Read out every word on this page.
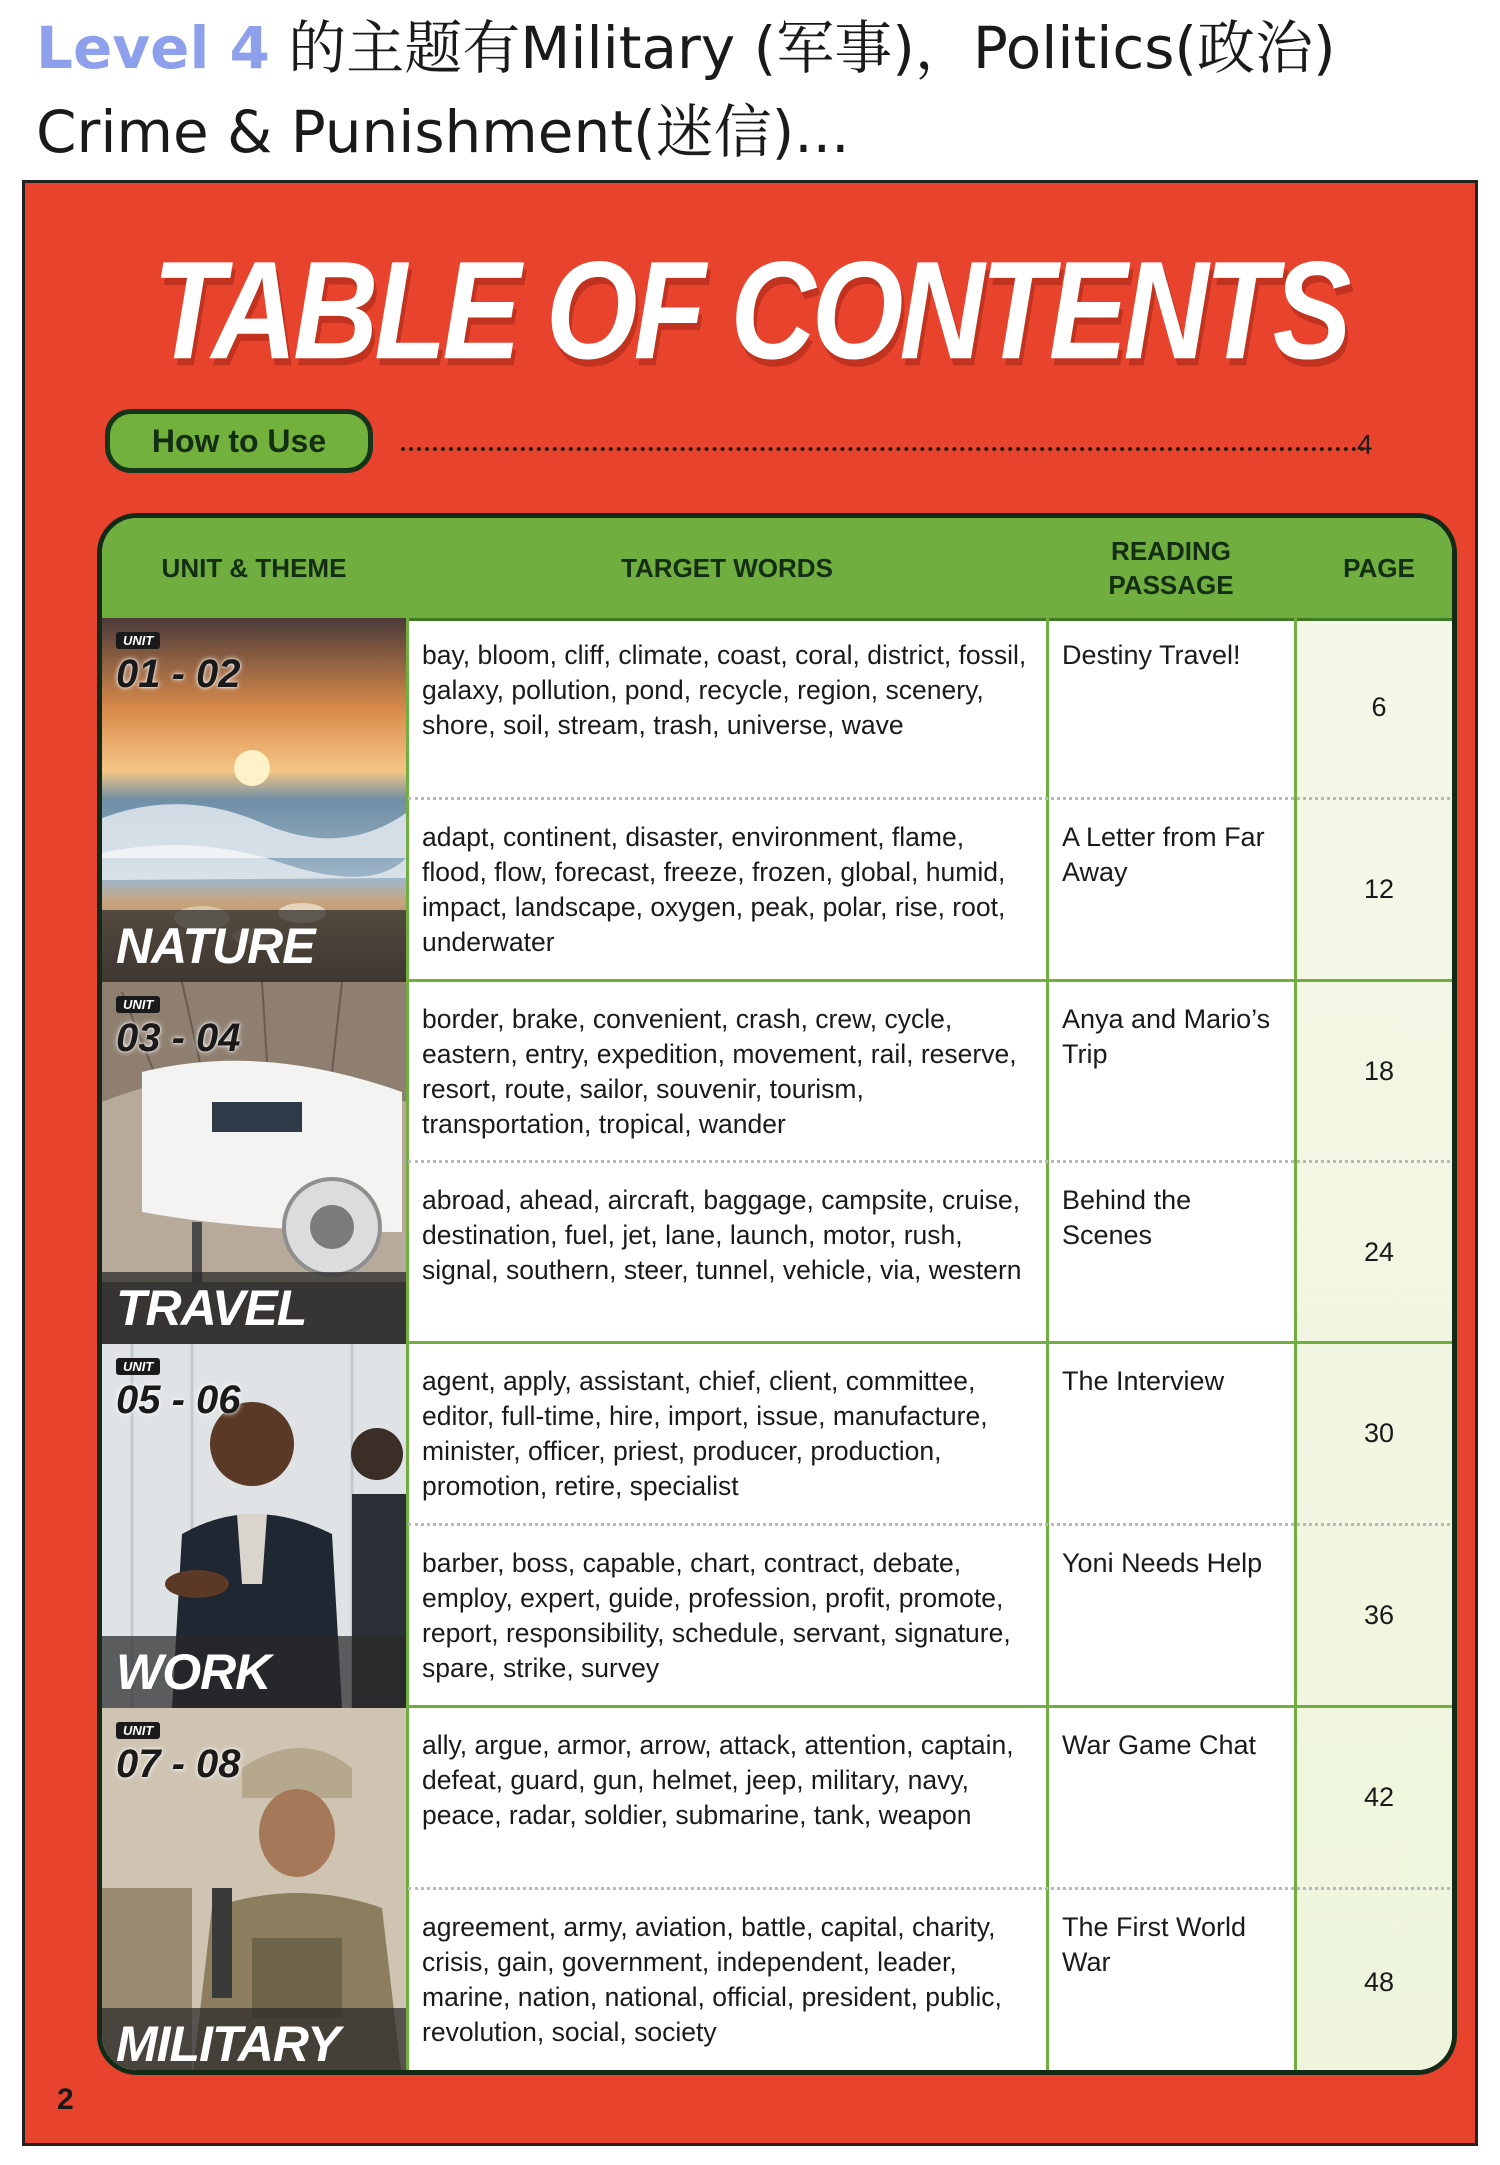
Level 4 的主题有Military (军事)，Politics(政治) Crime & Punishment(迷信)...
TABLE OF CONTENTS
How to Use	4
UNIT & THEME	TARGET WORDS
READING
PASSAGE
PAGE
UNIT
01 - 02
NATURE
bay, bloom, cliff, climate, coast, coral, district, fossil, galaxy, pollution, pond, recycle, region, scenery, shore, soil, stream, trash, universe, wave
Destiny Travel!
6
adapt, continent, disaster, environment, flame, flood, flow, forecast, freeze, frozen, global, humid, impact, landscape, oxygen, peak, polar, rise, root, underwater
A Letter from Far Away
12
UNIT
03 - 04
TRAVEL
border, brake, convenient, crash, crew, cycle, eastern, entry, expedition, movement, rail, reserve, resort, route, sailor, souvenir, tourism, transportation, tropical, wander
Anya and Mario’s Trip
18
abroad, ahead, aircraft, baggage, campsite, cruise, destination, fuel, jet, lane, launch, motor, rush, signal, southern, steer, tunnel, vehicle, via, western
Behind the Scenes
24
UNIT
05 - 06
WORK
agent, apply, assistant, chief, client, committee, editor, full-time, hire, import, issue, manufacture, minister, officer, priest, producer, production, promotion, retire, specialist
The Interview
30
barber, boss, capable, chart, contract, debate, employ, expert, guide, profession, profit, promote, report, responsibility, schedule, servant, signature, spare, strike, survey
Yoni Needs Help
36
UNIT
07 - 08
MILITARY
ally, argue, armor, arrow, attack, attention, captain, defeat, guard, gun, helmet, jeep, military, navy, peace, radar, soldier, submarine, tank, weapon
War Game Chat
42
agreement, army, aviation, battle, capital, charity, crisis, gain, government, independent, leader, marine, nation, national, official, president, public, revolution, social, society
The First World War
48
2
